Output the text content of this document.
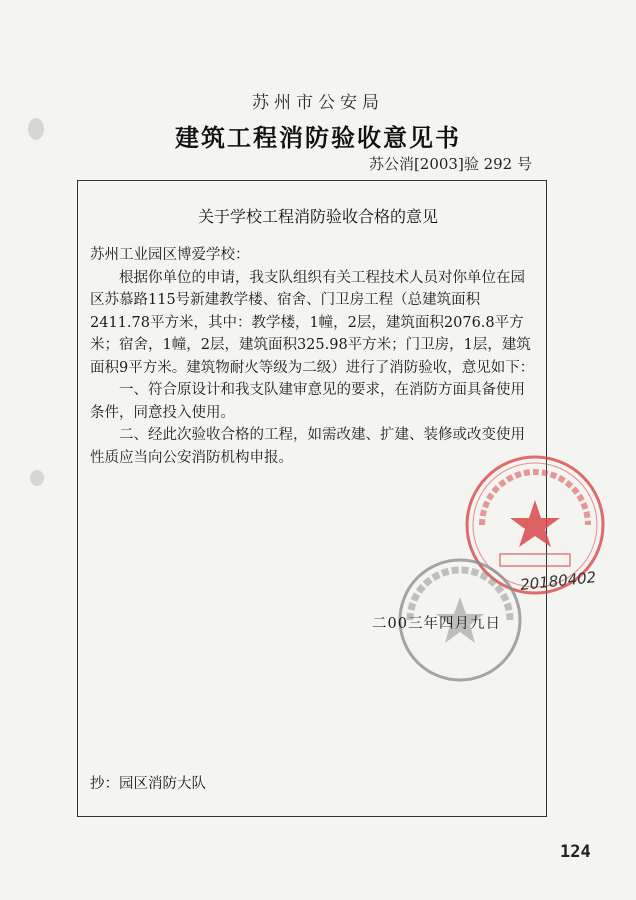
苏州市公安局
建筑工程消防验收意见书
苏公消[2003]验 292 号
关于学校工程消防验收合格的意见

苏州工业园区博爱学校：

根据你单位的申请，我支队组织有关工程技术人员对你单位在园区苏慕路115号新建教学楼、宿舍、门卫房工程（总建筑面积2411.78平方米，其中：教学楼，1幢，2层，建筑面积2076.8平方米；宿舍，1幢，2层，建筑面积325.98平方米；门卫房，1层，建筑面积9平方米。建筑物耐火等级为二级）进行了消防验收，意见如下：

一、符合原设计和我支队建审意见的要求，在消防方面具备使用条件，同意投入使用。

二、经此次验收合格的工程，如需改建、扩建、装修或改变使用性质应当向公安消防机构申报。

20180402
二00三年四月九日
抄：园区消防大队
124
